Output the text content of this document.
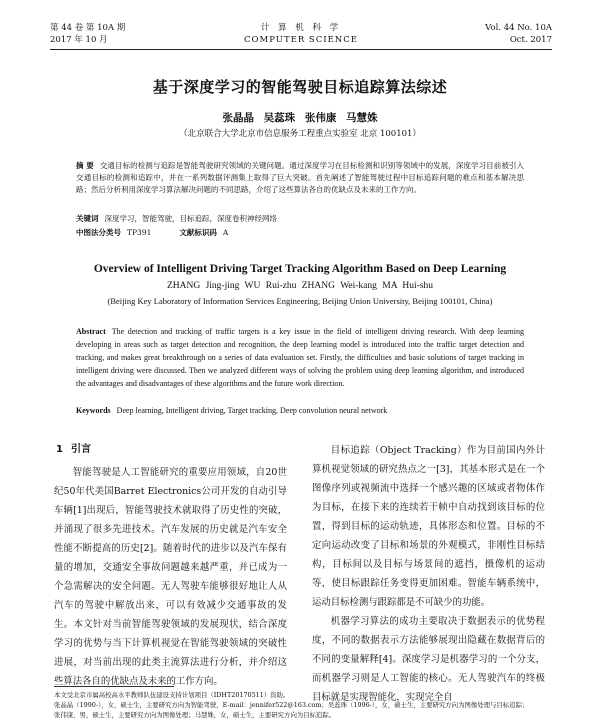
第 44 卷 第 10A 期
2017 年 10 月
计 算 机 科 学
COMPUTER SCIENCE
Vol. 44 No. 10A
Oct. 2017
基于深度学习的智能驾驶目标追踪算法综述
张晶晶 吴蕊珠 张伟康 马慧姝
（北京联合大学北京市信息服务工程重点实验室 北京 100101）
摘 要 交通目标的检测与追踪是智能驾驶研究领域的关键问题。通过深度学习在目标检测和识别等领域中的发展，深度学习目前被引入交通目标的检测和追踪中，并在一系列数据评测集上取得了巨大突破。首先阐述了智能驾驶过程中目标追踪问题的难点和基本解决思路；然后分析利用深度学习算法解决问题的不同思路，介绍了这些算法各自的优缺点及未来的工作方向。
关键词 深度学习，智能驾驶，目标追踪，深度卷积神经网络
中图法分类号 TP391	文献标识码 A
Overview of Intelligent Driving Target Tracking Algorithm Based on Deep Learning
ZHANG Jing-jing WU Rui-zhu ZHANG Wei-kang MA Hui-shu
(Beijing Key Laboratory of Information Services Engineering, Beijing Union University, Beijing 100101, China)
Abstract The detection and tracking of traffic targets is a key issue in the field of intelligent driving research. With deep learning developing in areas such as target detection and recognition, the deep learning model is introduced into the traffic target detection and tracking, and makes great breakthrough on a series of data evaluation set. Firstly, the difficulties and basic solutions of target tracking in intelligent driving were discussed. Then we analyzed different ways of solving the problem using deep learning algorithm, and introduced the advantages and disadvantages of these algorithms and the future work direction.
Keywords Deep learning, Intelligent driving, Target tracking, Deep convolution neural network
1 引言

智能驾驶是人工智能研究的重要应用领域，自20世纪50年代美国Barret Electronics公司开发的自动引导车辆[1]出现后，智能驾驶技术就取得了历史性的突破，并涌现了很多先进技术。汽车发展的历史就是汽车安全性能不断提高的历史[2]。随着时代的进步以及汽车保有量的增加，交通安全事故问题越来越严重，并已成为一个急需解决的安全问题。无人驾驶车能够很好地让人从汽车的驾驶中解放出来，可以有效减少交通事故的发生。本文针对当前智能驾驶领域的发展现状，结合深度学习的优势与当下计算机视觉在智能驾驶领域的突破性进展，对当前出现的此类主流算法进行分析，并介绍这些算法各自的优缺点及未来的工作方向。

目标追踪（Object Tracking）作为目前国内外计算机视觉领域的研究热点之一[3]，其基本形式是在一个图像序列或视频流中选择一个感兴趣的区域或者物体作为目标，在接下来的连续若干帧中自动找到该目标的位置，得到目标的运动轨迹，具体形态和位置。目标的不定向运动改变了目标和场景的外观模式，非刚性目标结构，目标间以及目标与场景间的遮挡，摄像机的运动等，使目标跟踪任务变得更加困难。智能车辆系统中，运动目标检测与跟踪都是不可缺少的功能。

机器学习算法的成功主要取决于数据表示的优势程度，不同的数据表示方法能够展现出隐藏在数据背后的不同的变量解释[4]。深度学习是机器学习的一个分支，而机器学习则是人工智能的核心。无人驾驶汽车的终极目标就是实现智能化，实现完全自

本文受北京市属高校高水平教师队伍建设支持计划项目（IDHT20170511）资助。
张晶晶（1990-），女，硕士生，主要研究方向为智能驾驶，E-mail：jennifer522@163.com；吴蕊珠（1996-），女，硕士生，主要研究方向为图像处理与目标追踪；
张伟康，男，硕士生，主要研究方向为图像处理；马慧姝，女，硕士生，主要研究方向为目标追踪。
